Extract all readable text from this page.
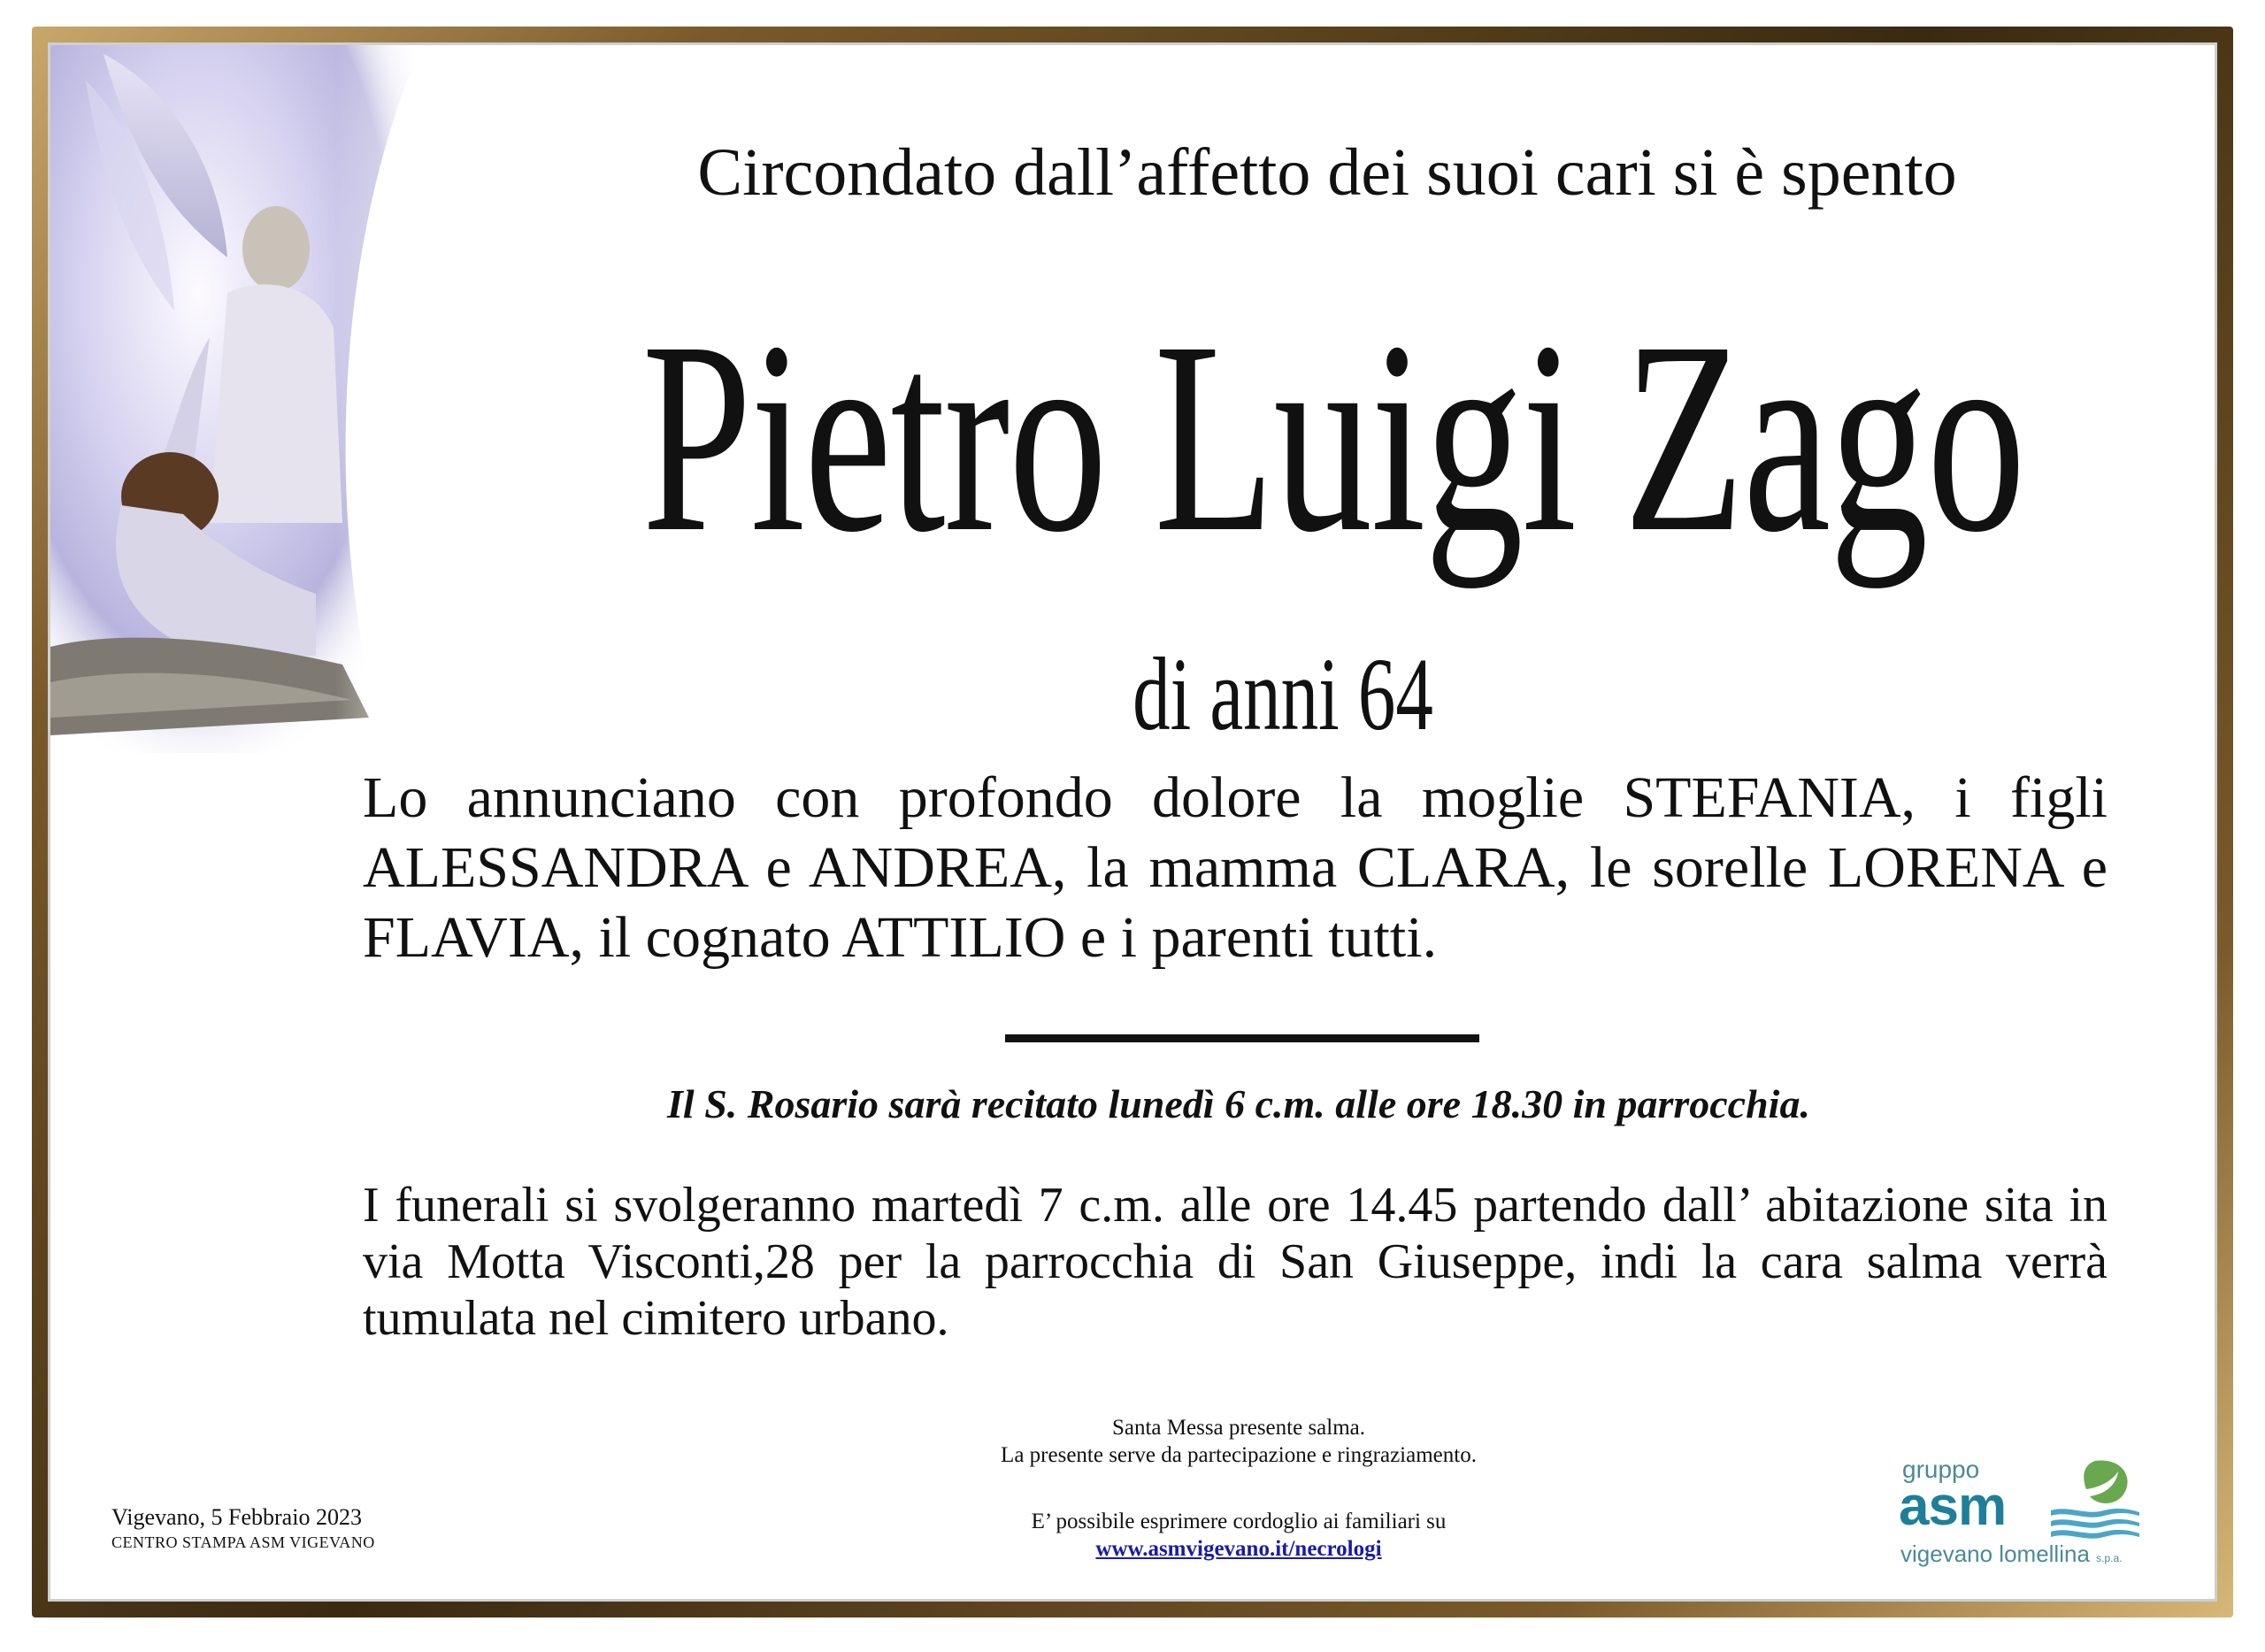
Circondato dall’affetto dei suoi cari si è spento

Pietro Luigi Zago

di anni 64

Lo annunciano con profondo dolore la moglie STEFANIA, i figli ALESSANDRA e ANDREA, la mamma CLARA, le sorelle LORENA e FLAVIA, il cognato ATTILIO e i parenti tutti.

Il S. Rosario sarà recitato lunedì 6 c.m. alle ore 18.30 in parrocchia.

I funerali si svolgeranno martedì 7 c.m. alle ore 14.45 partendo dall’ abitazione sita in via Motta Visconti,28 per la parrocchia di San Giuseppe, indi la cara salma verrà tumulata nel cimitero urbano.

Santa Messa presente salma.

La presente serve da partecipazione e ringraziamento.

E’ possibile esprimere cordoglio ai familiari su

www.asmvigevano.it/necrologi

Vigevano, 5 Febbraio 2023

CENTRO STAMPA ASM VIGEVANO

gruppo
asm
vigevano lomellina s.p.a.
